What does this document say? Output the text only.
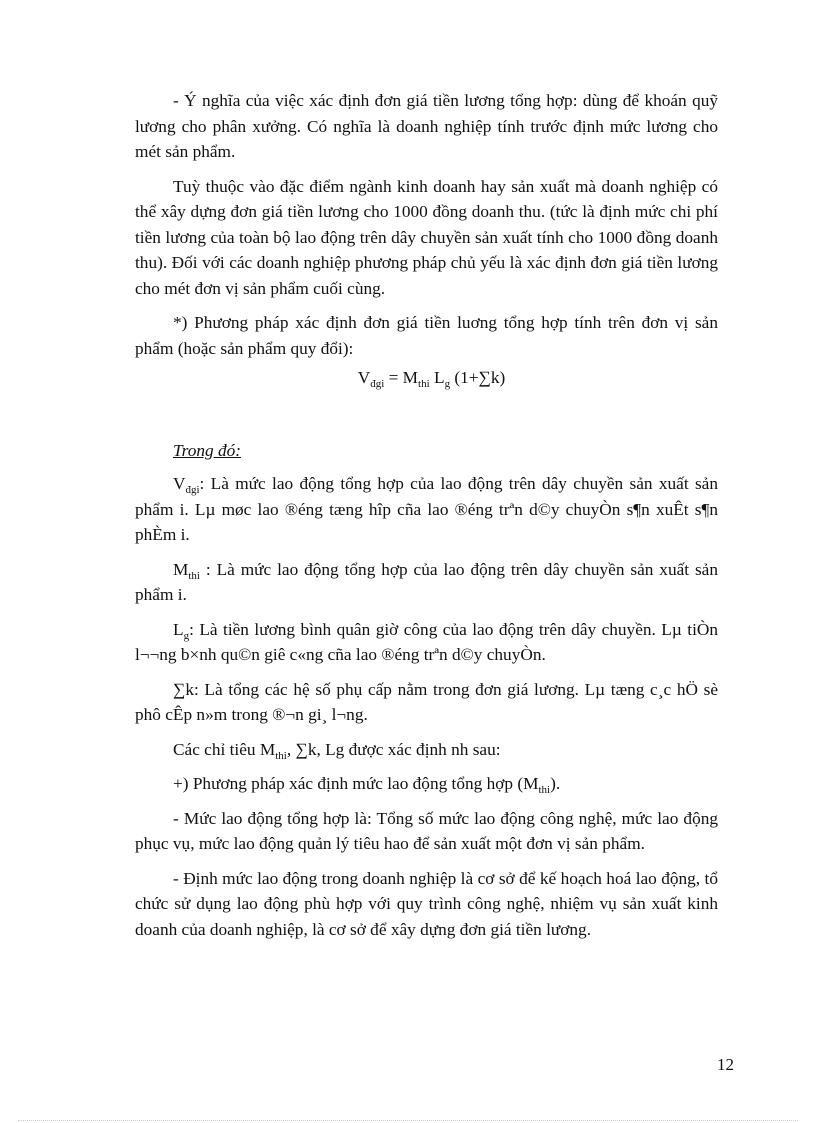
- Ý nghĩa của việc xác định đơn giá tiền lương tổng hợp: dùng để khoán quỹ lương cho phân xưởng. Có nghĩa là doanh nghiệp tính trước định mức lương cho mét sản phẩm.

Tuỳ thuộc vào đặc điểm ngành kinh doanh hay sản xuất mà doanh nghiệp có thể xây dựng đơn giá tiền lương cho 1000 đồng doanh thu. (tức là định mức chi phí tiền lương của toàn bộ lao động trên dây chuyền sản xuất tính cho 1000 đồng doanh thu). Đối với các doanh nghiệp phương pháp chủ yếu là xác định đơn giá tiền lương cho mét đơn vị sản phẩm cuối cùng.

*) Phương pháp xác định đơn giá tiền luơng tổng hợp tính trên đơn vị sản phẩm (hoặc sản phẩm quy đổi):

$V_{đgi} = M_{thi}$ $L_g$ (1+∑k)

Trong đó:

$V_{đgi}$: Là mức lao động tổng hợp của lao động trên dây chuyền sản xuất sản phẩm i. Lµ møc lao ®éng tæng hîp cña lao ®éng trªn d©y chuyÒn s¶n xuÊt s¶n phÈm i.

$M_{thi}$ : Là mức lao động tổng hợp của lao động trên dây chuyền sản xuất sản phẩm i.

$L_g$: Là tiền lương bình quân giờ công của lao động trên dây chuyền. Lµ tiÒn l¬¬ng b×nh qu©n giê c«ng cña lao ®éng trªn d©y chuyÒn.

∑k: Là tổng các hệ số phụ cấp nằm trong đơn giá lương. Lµ tæng c¸c hÖ sè phô cÊp n»m trong ®¬n gi¸ l¬ng.

Các chỉ tiêu $M_{thi}$, ∑k, Lg được xác định nh sau:

+) Phương pháp xác định mức lao động tổng hợp $(M_{thi})$.

- Mức lao động tổng hợp là: Tổng số mức lao động công nghệ, mức lao động phục vụ, mức lao động quản lý tiêu hao để sản xuất một đơn vị sản phẩm.

- Định mức lao động trong doanh nghiệp là cơ sở để kế hoạch hoá lao động, tổ chức sử dụng lao động phù hợp với quy trình công nghệ, nhiệm vụ sản xuất kinh doanh của doanh nghiệp, là cơ sở để xây dựng đơn giá tiền lương.

12
